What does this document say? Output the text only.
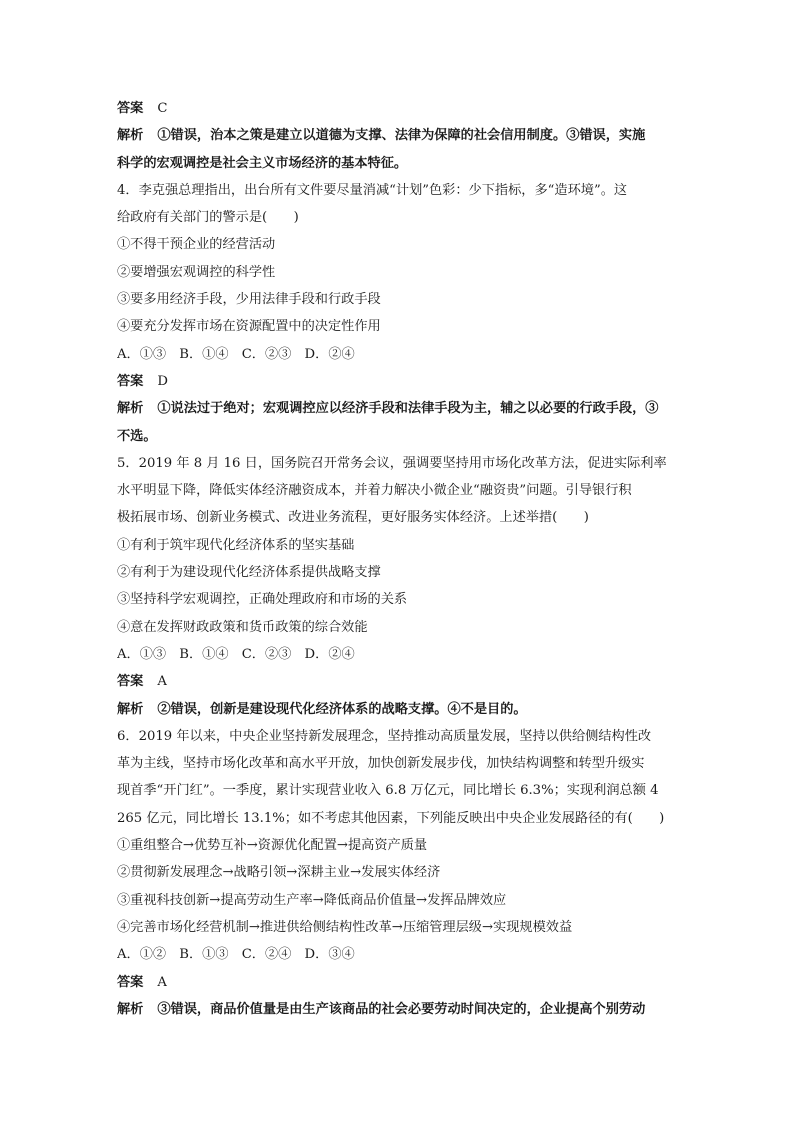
答案 C
解析 ①错误，治本之策是建立以道德为支撑、法律为保障的社会信用制度。③错误，实施
科学的宏观调控是社会主义市场经济的基本特征。
4．李克强总理指出，出台所有文件要尽量消减“计划”色彩：少下指标，多“造环境”。这
给政府有关部门的警示是(　　)
①不得干预企业的经营活动
②要增强宏观调控的科学性
③要多用经济手段，少用法律手段和行政手段
④要充分发挥市场在资源配置中的决定性作用
A．①③　B．①④　C．②③　D．②④
答案 D
解析 ①说法过于绝对；宏观调控应以经济手段和法律手段为主，辅之以必要的行政手段，③
不选。
5．2019 年 8 月 16 日，国务院召开常务会议，强调要坚持用市场化改革方法，促进实际利率
水平明显下降，降低实体经济融资成本，并着力解决小微企业“融资贵”问题。引导银行积
极拓展市场、创新业务模式、改进业务流程，更好服务实体经济。上述举措(　　)
①有利于筑牢现代化经济体系的坚实基础
②有利于为建设现代化经济体系提供战略支撑
③坚持科学宏观调控，正确处理政府和市场的关系
④意在发挥财政政策和货币政策的综合效能
A．①③　B．①④　C．②③　D．②④
答案 A
解析 ②错误，创新是建设现代化经济体系的战略支撑。④不是目的。
6．2019 年以来，中央企业坚持新发展理念，坚持推动高质量发展，坚持以供给侧结构性改
革为主线，坚持市场化改革和高水平开放，加快创新发展步伐，加快结构调整和转型升级实
现首季“开门红”。一季度，累计实现营业收入 6.8 万亿元，同比增长 6.3%；实现利润总额 4
265 亿元，同比增长 13.1%；如不考虑其他因素，下列能反映出中央企业发展路径的有(　　)
①重组整合→优势互补→资源优化配置→提高资产质量
②贯彻新发展理念→战略引领→深耕主业→发展实体经济
③重视科技创新→提高劳动生产率→降低商品价值量→发挥品牌效应
④完善市场化经营机制→推进供给侧结构性改革→压缩管理层级→实现规模效益
A．①②　B．①③　C．②④　D．③④
答案 A
解析 ③错误，商品价值量是由生产该商品的社会必要劳动时间决定的，企业提高个别劳动
